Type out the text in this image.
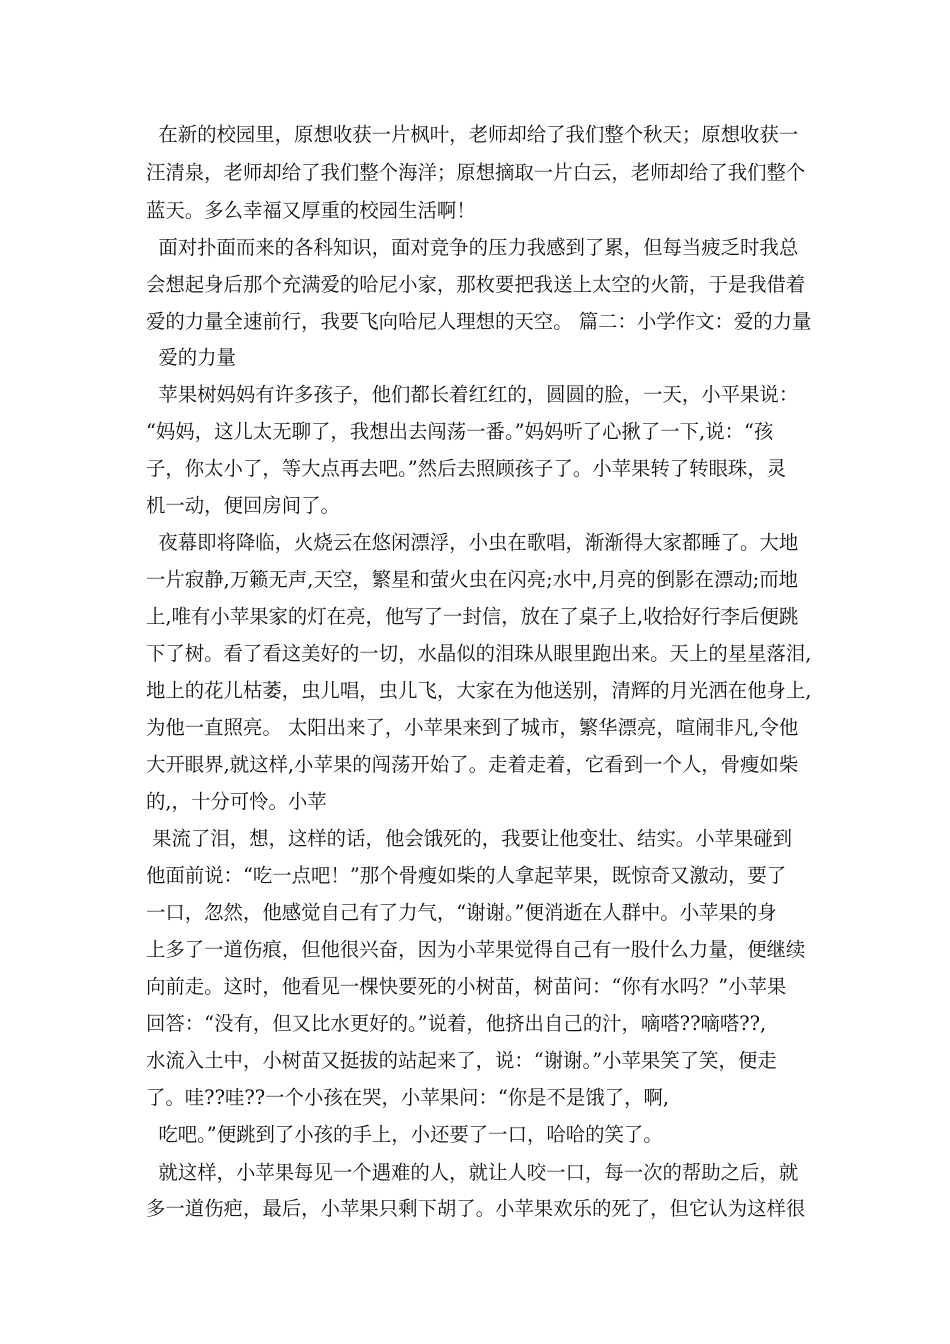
在新的校园里，原想收获一片枫叶，老师却给了我们整个秋天；原想收获一

汪清泉，老师却给了我们整个海洋；原想摘取一片白云，老师却给了我们整个

蓝天。多么幸福又厚重的校园生活啊！

面对扑面而来的各科知识，面对竞争的压力我感到了累，但每当疲乏时我总

会想起身后那个充满爱的哈尼小家，那枚要把我送上太空的火箭，于是我借着

爱的力量全速前行，我要飞向哈尼人理想的天空。 篇二：小学作文：爱的力量

爱的力量

苹果树妈妈有许多孩子，他们都长着红红的，圆圆的脸，一天，小平果说：

“妈妈，这儿太无聊了，我想出去闯荡一番。”妈妈听了心揪了一下,说：“孩

子，你太小了，等大点再去吧。”然后去照顾孩子了。小苹果转了转眼珠，灵

机一动，便回房间了。

夜幕即将降临，火烧云在悠闲漂浮，小虫在歌唱，渐渐得大家都睡了。大地

一片寂静,万籁无声,天空，繁星和萤火虫在闪亮;水中,月亮的倒影在漂动;而地

上,唯有小苹果家的灯在亮，他写了一封信，放在了桌子上,收拾好行李后便跳

下了树。看了看这美好的一切，水晶似的泪珠从眼里跑出来。天上的星星落泪,

地上的花儿枯萎，虫儿唱，虫儿飞，大家在为他送别，清辉的月光洒在他身上,

为他一直照亮。 太阳出来了，小苹果来到了城市，繁华漂亮，喧闹非凡,令他

大开眼界,就这样,小苹果的闯荡开始了。走着走着，它看到一个人，骨瘦如柴

的,，十分可怜。小苹

果流了泪，想，这样的话，他会饿死的，我要让他变壮、结实。小苹果碰到

他面前说：“吃一点吧！”那个骨瘦如柴的人拿起苹果，既惊奇又激动，要了

一口，忽然，他感觉自己有了力气，“谢谢。”便消逝在人群中。小苹果的身

上多了一道伤痕，但他很兴奋，因为小苹果觉得自己有一股什么力量，便继续

向前走。这时，他看见一棵快要死的小树苗，树苗问：“你有水吗？”小苹果

回答：“没有，但又比水更好的。”说着，他挤出自己的汁，嘀嗒??嘀嗒??,

水流入土中，小树苗又挺拔的站起来了，说：“谢谢。”小苹果笑了笑，便走

了。哇??哇??一个小孩在哭，小苹果问：“你是不是饿了，啊,

吃吧。”便跳到了小孩的手上，小还要了一口，哈哈的笑了。

就这样，小苹果每见一个遇难的人，就让人咬一口，每一次的帮助之后，就

多一道伤疤，最后，小苹果只剩下胡了。小苹果欢乐的死了，但它认为这样很
